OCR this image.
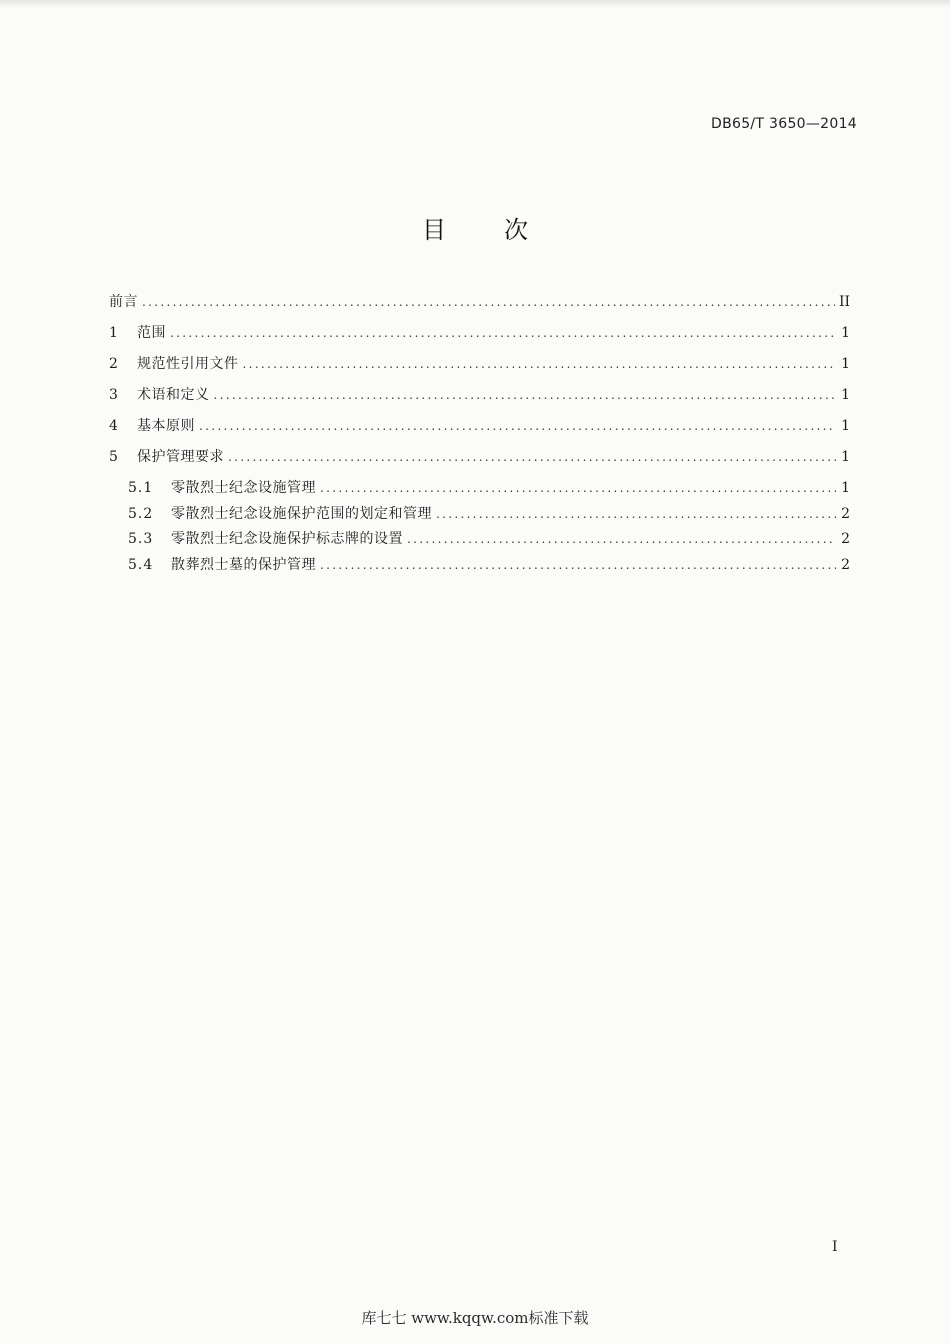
DB65/T 3650—2014
目次
前言 .....	II
1	范围 .....	1
2	规范性引用文件 .....	1
3	术语和定义 .....	1
4	基本原则 .....	1
5	保护管理要求 .....	1
5.1	零散烈士纪念设施管理 .....	1
5.2	零散烈士纪念设施保护范围的划定和管理 .....	2
5.3	零散烈士纪念设施保护标志牌的设置 .....	2
5.4	散葬烈士墓的保护管理 .....	2
I
库七七 www.kqqw.com标准下载
